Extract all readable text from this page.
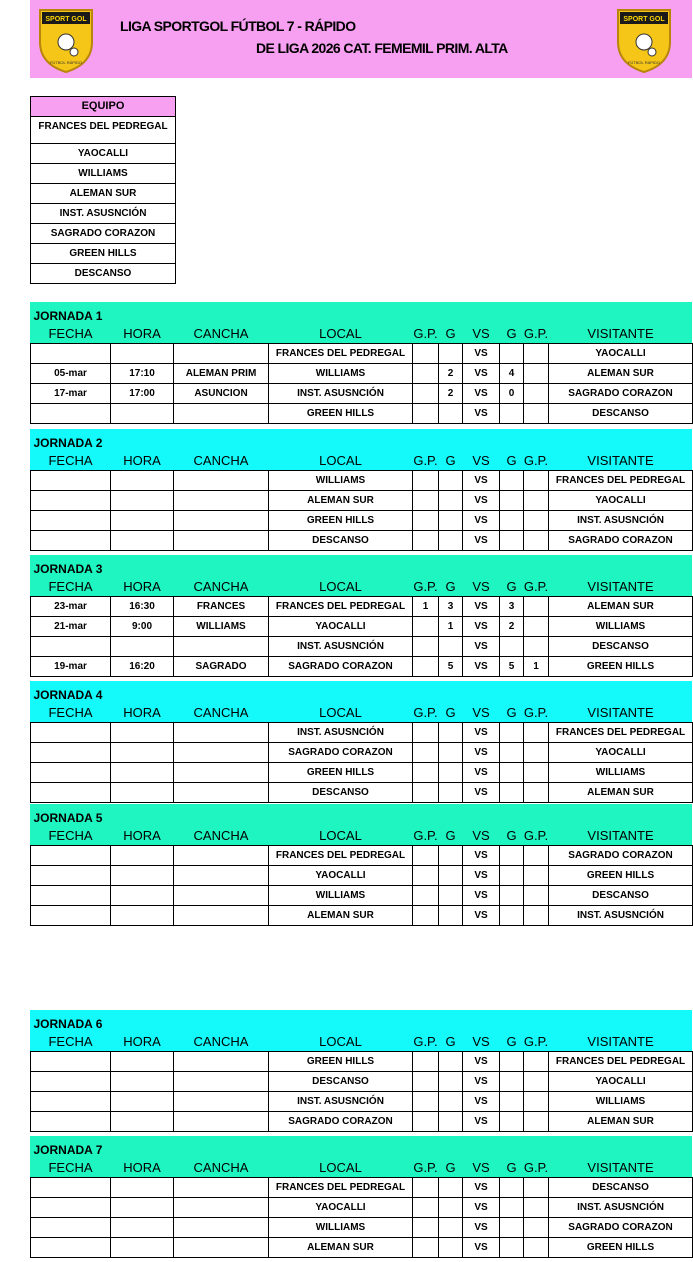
SPORT GOL
FÚTBOL RÁPIDO
LIGA SPORTGOL FÚTBOL 7 - RÁPIDO
DE LIGA 2026 CAT. FEMEMIL PRIM. ALTA
SPORT GOL
FÚTBOL RÁPIDO
EQUIPO
FRANCES DEL PEDREGAL
YAOCALLI
WILLIAMS
ALEMAN SUR
INST. ASUSNCIÓN
SAGRADO CORAZON
GREEN HILLS
DESCANSO
JORNADA 1									
FECHA	HORA	CANCHA	LOCAL	G.P.	G	VS	G	G.P.	VISITANTE
			FRANCES DEL PEDREGAL			VS			YAOCALLI
05-mar	17:10	ALEMAN PRIM	WILLIAMS		2	VS	4		ALEMAN SUR
17-mar	17:00	ASUNCION	INST. ASUSNCIÓN		2	VS	0		SAGRADO CORAZON
			GREEN HILLS			VS			DESCANSO
JORNADA 2									
FECHA	HORA	CANCHA	LOCAL	G.P.	G	VS	G	G.P.	VISITANTE
			WILLIAMS			VS			FRANCES DEL PEDREGAL
			ALEMAN SUR			VS			YAOCALLI
			GREEN HILLS			VS			INST. ASUSNCIÓN
			DESCANSO			VS			SAGRADO CORAZON
JORNADA 3									
FECHA	HORA	CANCHA	LOCAL	G.P.	G	VS	G	G.P.	VISITANTE
23-mar	16:30	FRANCES	FRANCES DEL PEDREGAL	1	3	VS	3		ALEMAN SUR
21-mar	9:00	WILLIAMS	YAOCALLI		1	VS	2		WILLIAMS
			INST. ASUSNCIÓN			VS			DESCANSO
19-mar	16:20	SAGRADO	SAGRADO CORAZON		5	VS	5	1	GREEN HILLS
JORNADA 4									
FECHA	HORA	CANCHA	LOCAL	G.P.	G	VS	G	G.P.	VISITANTE
			INST. ASUSNCIÓN			VS			FRANCES DEL PEDREGAL
			SAGRADO CORAZON			VS			YAOCALLI
			GREEN HILLS			VS			WILLIAMS
			DESCANSO			VS			ALEMAN SUR
JORNADA 5									
FECHA	HORA	CANCHA	LOCAL	G.P.	G	VS	G	G.P.	VISITANTE
			FRANCES DEL PEDREGAL			VS			SAGRADO CORAZON
			YAOCALLI			VS			GREEN HILLS
			WILLIAMS			VS			DESCANSO
			ALEMAN SUR			VS			INST. ASUSNCIÓN
JORNADA 6									
FECHA	HORA	CANCHA	LOCAL	G.P.	G	VS	G	G.P.	VISITANTE
			GREEN HILLS			VS			FRANCES DEL PEDREGAL
			DESCANSO			VS			YAOCALLI
			INST. ASUSNCIÓN			VS			WILLIAMS
			SAGRADO CORAZON			VS			ALEMAN SUR
JORNADA 7									
FECHA	HORA	CANCHA	LOCAL	G.P.	G	VS	G	G.P.	VISITANTE
			FRANCES DEL PEDREGAL			VS			DESCANSO
			YAOCALLI			VS			INST. ASUSNCIÓN
			WILLIAMS			VS			SAGRADO CORAZON
			ALEMAN SUR			VS			GREEN HILLS
